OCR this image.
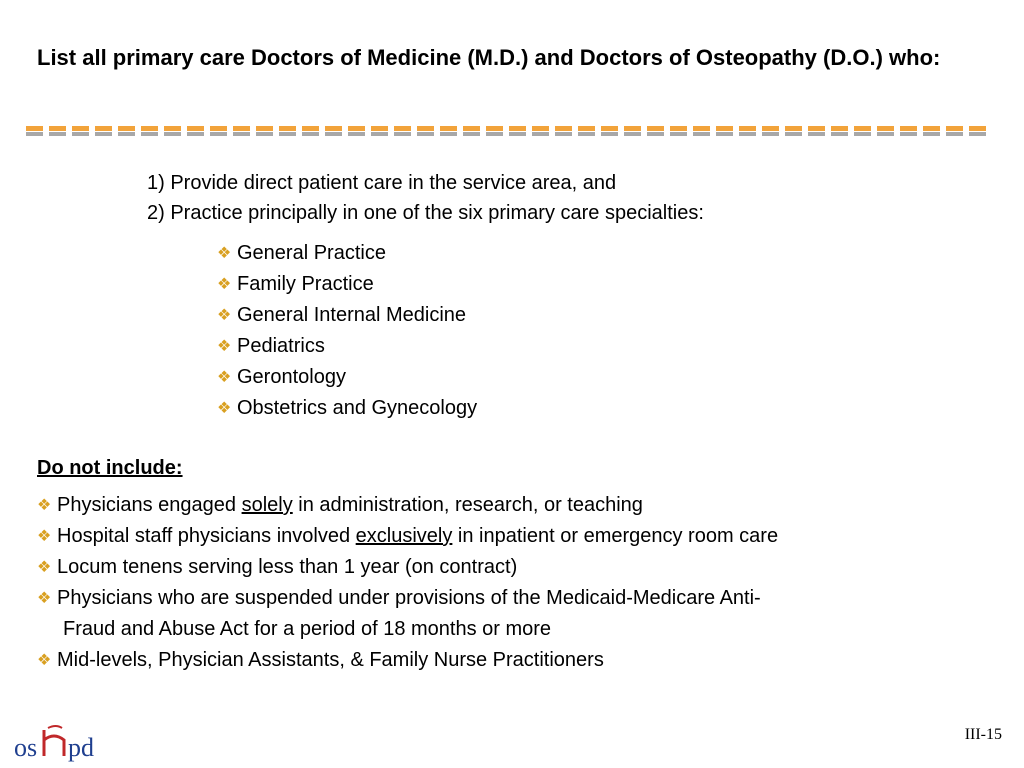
List all primary care Doctors of Medicine (M.D.) and Doctors of Osteopathy (D.O.) who:
1) Provide direct patient care in the service area, and
2) Practice principally in one of the six primary care specialties:
❖ General Practice
❖ Family Practice
❖ General Internal Medicine
❖ Pediatrics
❖ Gerontology
❖ Obstetrics and Gynecology
Do not include:
❖ Physicians engaged solely in administration, research, or teaching
❖ Hospital staff physicians involved exclusively in inpatient or emergency room care
❖ Locum tenens serving less than 1 year (on contract)
❖ Physicians who are suspended under provisions of the Medicaid-Medicare Anti-
Fraud and Abuse Act for a period of 18 months or more
❖ Mid-levels, Physician Assistants, & Family Nurse Practitioners
os pd	III-15
